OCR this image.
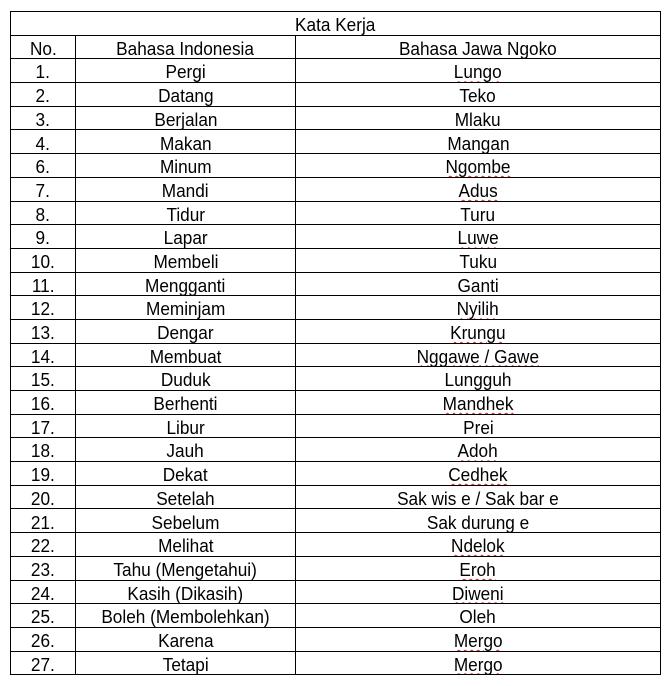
Kata Kerja		
No.	Bahasa Indonesia	Bahasa Jawa Ngoko
1.	Pergi	Lungo
2.	Datang	Teko
3.	Berjalan	Mlaku
4.	Makan	Mangan
6.	Minum	Ngombe
7.	Mandi	Adus
8.	Tidur	Turu
9.	Lapar	Luwe
10.	Membeli	Tuku
11.	Mengganti	Ganti
12.	Meminjam	Nyilih
13.	Dengar	Krungu
14.	Membuat	Nggawe / Gawe
15.	Duduk	Lungguh
16.	Berhenti	Mandhek
17.	Libur	Prei
18.	Jauh	Adoh
19.	Dekat	Cedhek
20.	Setelah	Sak wis e / Sak bar e
21.	Sebelum	Sak durung e
22.	Melihat	Ndelok
23.	Tahu (Mengetahui)	Eroh
24.	Kasih (Dikasih)	Diweni
25.	Boleh (Membolehkan)	Oleh
26.	Karena	Mergo
27.	Tetapi	Mergo
